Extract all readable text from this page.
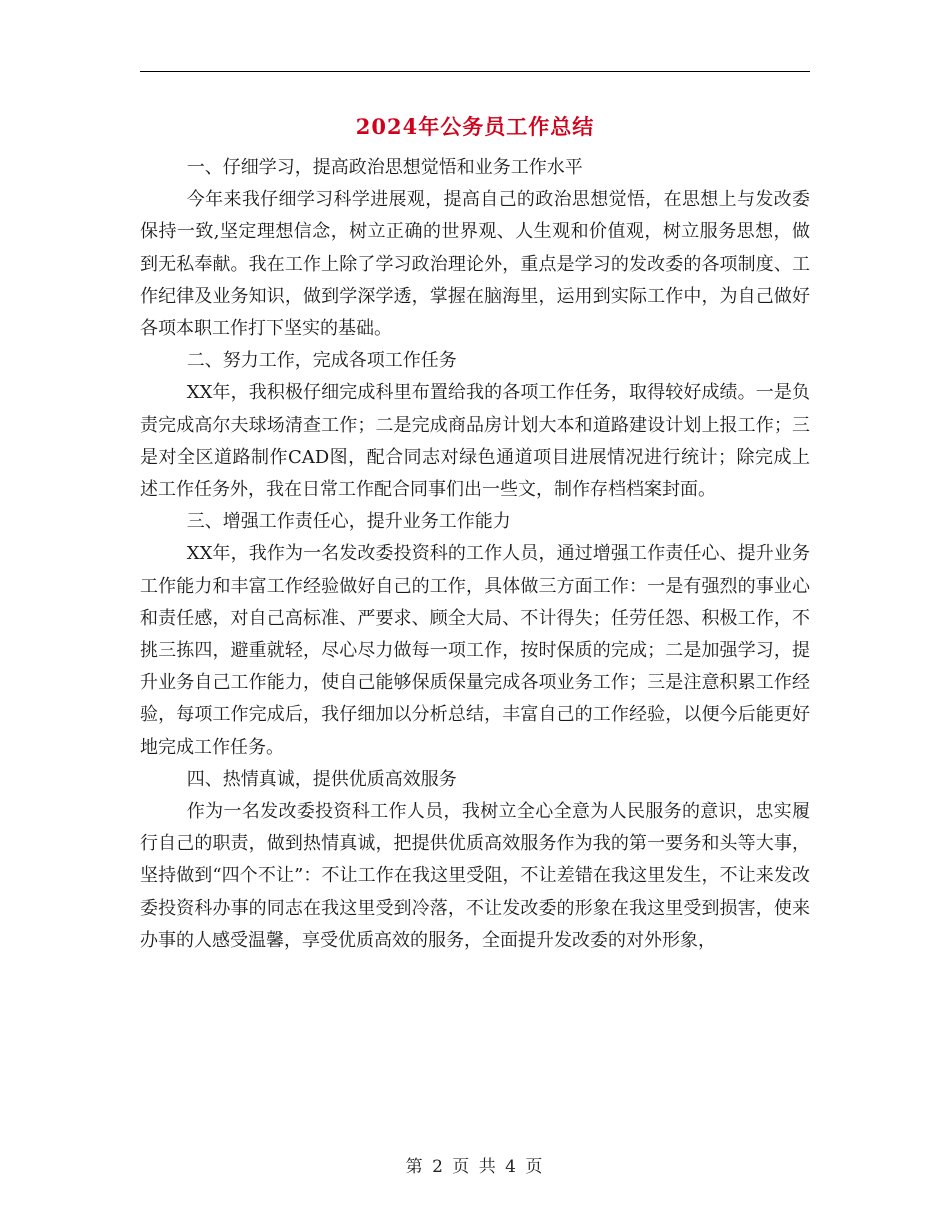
2024年公务员工作总结

一、仔细学习，提高政治思想觉悟和业务工作水平

今年来我仔细学习科学进展观，提高自己的政治思想觉悟，在思想上与发改委保持一致,坚定理想信念，树立正确的世界观、人生观和价值观，树立服务思想，做到无私奉献。我在工作上除了学习政治理论外，重点是学习的发改委的各项制度、工作纪律及业务知识，做到学深学透，掌握在脑海里，运用到实际工作中，为自己做好各项本职工作打下坚实的基础。

二、努力工作，完成各项工作任务

XX年，我积极仔细完成科里布置给我的各项工作任务，取得较好成绩。一是负责完成高尔夫球场清查工作；二是完成商品房计划大本和道路建设计划上报工作；三是对全区道路制作CAD图，配合同志对绿色通道项目进展情况进行统计；除完成上述工作任务外，我在日常工作配合同事们出一些文，制作存档档案封面。

三、增强工作责任心，提升业务工作能力

XX年，我作为一名发改委投资科的工作人员，通过增强工作责任心、提升业务工作能力和丰富工作经验做好自己的工作，具体做三方面工作：一是有强烈的事业心和责任感，对自己高标准、严要求、顾全大局、不计得失；任劳任怨、积极工作，不挑三拣四，避重就轻，尽心尽力做每一项工作，按时保质的完成；二是加强学习，提升业务自己工作能力，使自己能够保质保量完成各项业务工作；三是注意积累工作经验，每项工作完成后，我仔细加以分析总结，丰富自己的工作经验，以便今后能更好地完成工作任务。

四、热情真诚，提供优质高效服务

作为一名发改委投资科工作人员，我树立全心全意为人民服务的意识，忠实履行自己的职责，做到热情真诚，把提供优质高效服务作为我的第一要务和头等大事，坚持做到“四个不让”：不让工作在我这里受阻，不让差错在我这里发生，不让来发改委投资科办事的同志在我这里受到冷落，不让发改委的形象在我这里受到损害，使来办事的人感受温馨，享受优质高效的服务，全面提升发改委的对外形象，

第 2 页 共 4 页
